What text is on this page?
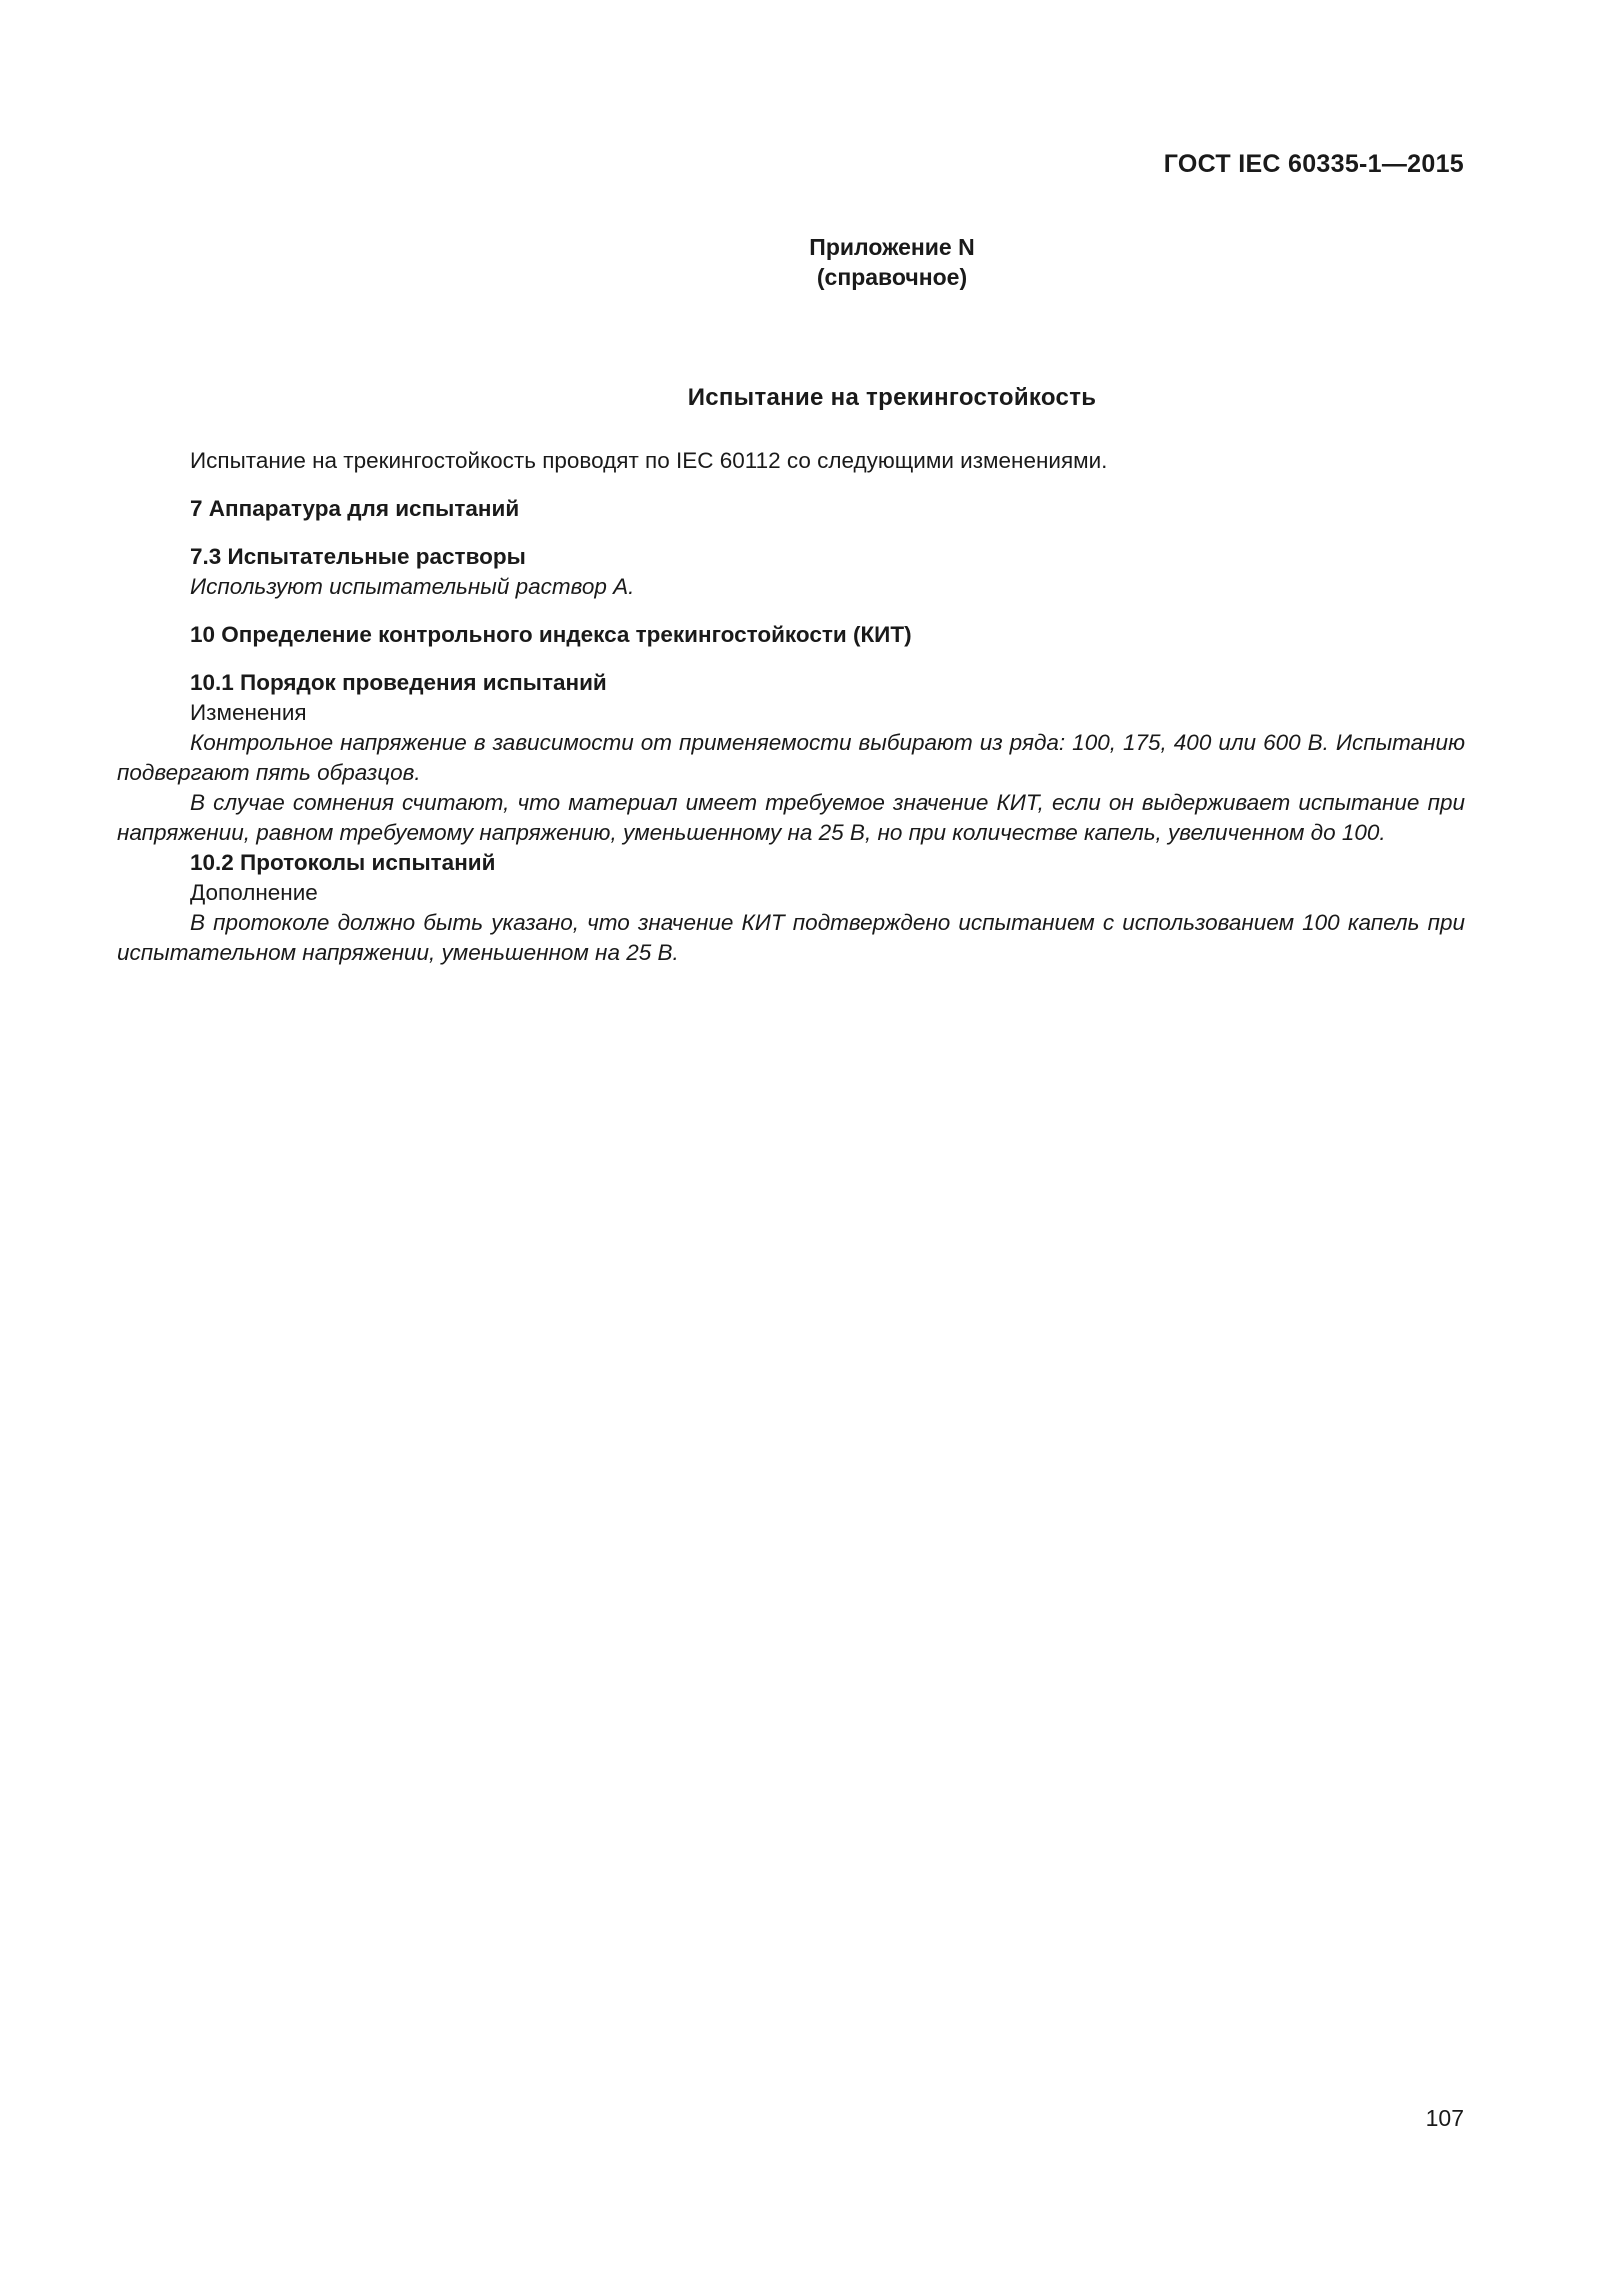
ГОСТ IEC 60335-1—2015
Приложение N
(справочное)
Испытание на трекингостойкость

Испытание на трекингостойкость проводят по IEC 60112 со следующими изменениями.

7 Аппаратура для испытаний

7.3 Испытательные растворы

Используют испытательный раствор А.

10 Определение контрольного индекса трекингостойкости (КИТ)

10.1 Порядок проведения испытаний

Изменения

Контрольное напряжение в зависимости от применяемости выбирают из ряда: 100, 175, 400 или 600 В. Испытанию подвергают пять образцов.

В случае сомнения считают, что материал имеет требуемое значение КИТ, если он выдерживает испытание при напряжении, равном требуемому напряжению, уменьшенному на 25 В, но при количестве капель, увеличенном до 100.

10.2 Протоколы испытаний

Дополнение

В протоколе должно быть указано, что значение КИТ подтверждено испытанием с использованием 100 капель при испытательном напряжении, уменьшенном на 25 В.

107
